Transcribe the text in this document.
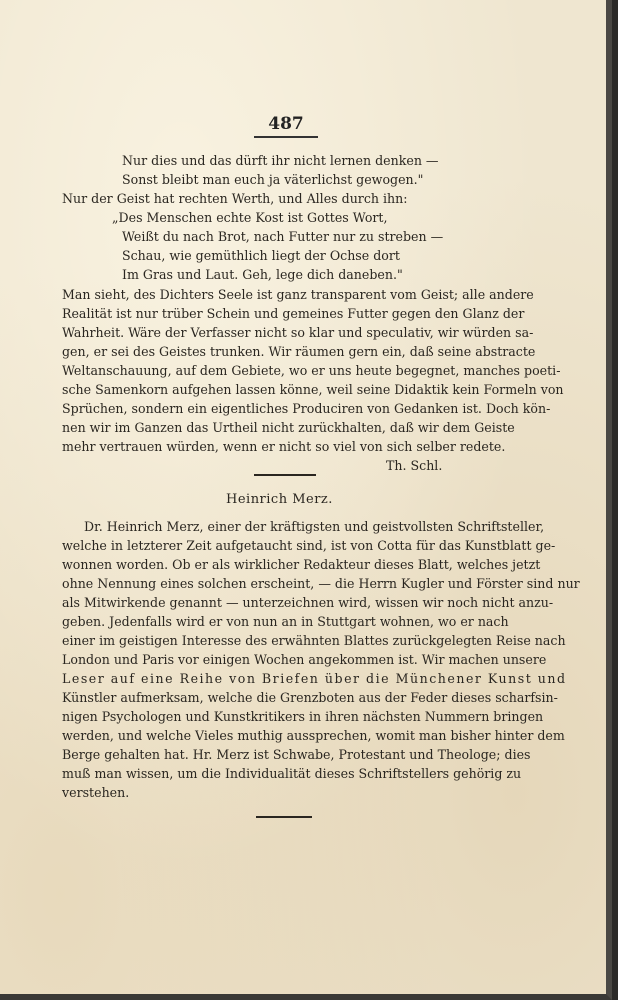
487
Nur dies und das dürft ihr nicht lernen denken —
Sonst bleibt man euch ja väterlichst gewogen."
Nur der Geist hat rechten Werth, und Alles durch ihn:
„Des Menschen echte Kost ist Gottes Wort,
Weißt du nach Brot, nach Futter nur zu streben —
Schau, wie gemüthlich liegt der Ochse dort
Im Gras und Laut. Geh, lege dich daneben."
Man sieht, des Dichters Seele ist ganz transparent vom Geist; alle andere
Realität ist nur trüber Schein und gemeines Futter gegen den Glanz der
Wahrheit. Wäre der Verfasser nicht so klar und speculativ, wir würden sa-
gen, er sei des Geistes trunken. Wir räumen gern ein, daß seine abstracte
Weltanschauung, auf dem Gebiete, wo er uns heute begegnet, manches poeti-
sche Samenkorn aufgehen lassen könne, weil seine Didaktik kein Formeln von
Sprüchen, sondern ein eigentliches Produciren von Gedanken ist. Doch kön-
nen wir im Ganzen das Urtheil nicht zurückhalten, daß wir dem Geiste
mehr vertrauen würden, wenn er nicht so viel von sich selber redete.
Th. Schl.
Heinrich Merz.
Dr. Heinrich Merz, einer der kräftigsten und geistvollsten Schriftsteller,
welche in letzterer Zeit aufgetaucht sind, ist von Cotta für das Kunstblatt ge-
wonnen worden. Ob er als wirklicher Redakteur dieses Blatt, welches jetzt
ohne Nennung eines solchen erscheint, — die Herrn Kugler und Förster sind nur
als Mitwirkende genannt — unterzeichnen wird, wissen wir noch nicht anzu-
geben. Jedenfalls wird er von nun an in Stuttgart wohnen, wo er nach
einer im geistigen Interesse des erwähnten Blattes zurückgelegten Reise nach
London und Paris vor einigen Wochen angekommen ist. Wir machen unsere
Leser auf eine Reihe von Briefen über die Münchener Kunst und
Künstler aufmerksam, welche die Grenzboten aus der Feder dieses scharfsin-
nigen Psychologen und Kunstkritikers in ihren nächsten Nummern bringen
werden, und welche Vieles muthig aussprechen, womit man bisher hinter dem
Berge gehalten hat. Hr. Merz ist Schwabe, Protestant und Theologe; dies
muß man wissen, um die Individualität dieses Schriftstellers gehörig zu
verstehen.
